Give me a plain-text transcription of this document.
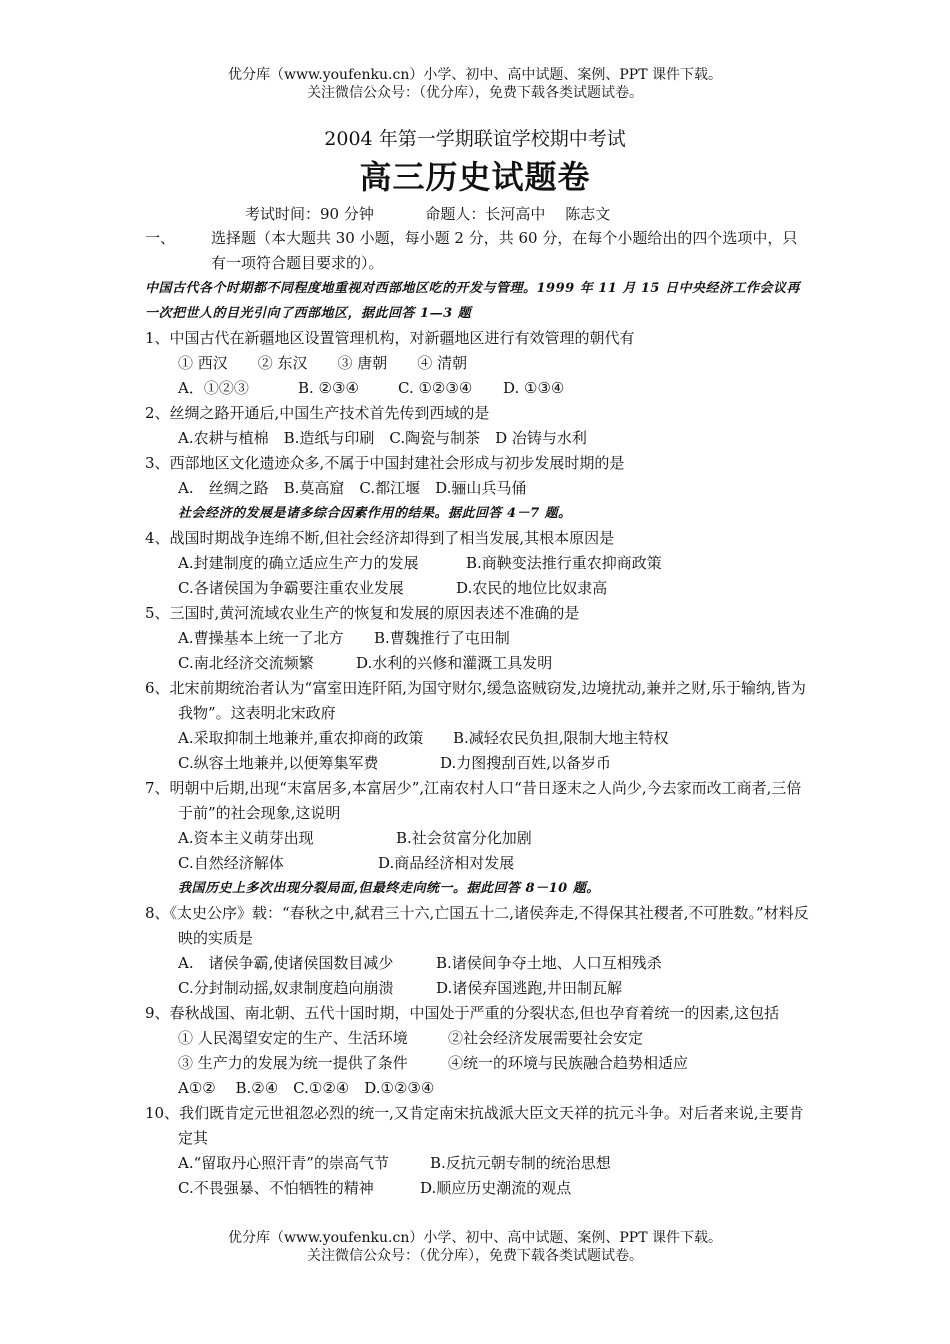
优分库（www.youfenku.cn）小学、初中、高中试题、案例、PPT 课件下载。
关注微信公众号：（优分库），免费下载各类试题试卷。
2004 年第一学期联谊学校期中考试
高三历史试题卷
考试时间：90 分钟	命题人：长河高中　 陈志文
一、 选择题（本大题共 30 小题，每小题 2 分，共 60 分，在每个小题给出的四个选项中，只有一项符合题目要求的）。
中国古代各个时期都不同程度地重视对西部地区吃的开发与管理。1999 年 11 月 15 日中央经济工作会议再一次把世人的目光引向了西部地区，据此回答 1—3 题
1、中国古代在新疆地区设置管理机构，对新疆地区进行有效管理的朝代有
① 西汉　　② 东汉　　③ 唐朝　　④ 清朝
A．①②③	B. ②③④	C. ①②③④ D. ①③④
2、丝绸之路开通后,中国生产技术首先传到西域的是
A.农耕与植棉　B.造纸与印刷　C.陶瓷与制茶　D 冶铸与水利
3、西部地区文化遗迹众多,不属于中国封建社会形成与初步发展时期的是
A.　丝绸之路　B.莫高窟　C.都江堰　D.骊山兵马俑
社会经济的发展是诸多综合因素作用的结果。据此回答 4－7 题。
4、战国时期战争连绵不断,但社会经济却得到了相当发展,其根本原因是
A.封建制度的确立适应生产力的发展	B.商鞅变法推行重农抑商政策
C.各诸侯国为争霸要注重农业发展	D.农民的地位比奴隶高
5、三国时,黄河流域农业生产的恢复和发展的原因表述不准确的是
A.曹操基本上统一了北方 B.曹魏推行了屯田制
C.南北经济交流频繁	D.水利的兴修和灌溉工具发明
6、北宋前期统治者认为“富室田连阡陌,为国守财尔,缓急盗贼窃发,边境扰动,兼并之财,乐于输纳,皆为我物”。这表明北宋政府
A.采取抑制土地兼并,重农抑商的政策 B.减轻农民负担,限制大地主特权
C.纵容土地兼并,以便筹集军费	D.力图搜刮百姓,以备岁币
7、明朝中后期,出现“末富居多,本富居少”,江南农村人口“昔日逐末之人尚少,今去家而改工商者,三倍于前”的社会现象,这说明
A.资本主义萌芽出现	B.社会贫富分化加剧
C.自然经济解体	D.商品经济相对发展
我国历史上多次出现分裂局面,但最终走向统一。据此回答 8－10 题。
8、《太史公序》载：“春秋之中,弑君三十六,亡国五十二,诸侯奔走,不得保其社稷者,不可胜数。”材料反映的实质是
A.　诸侯争霸,使诸侯国数目减少	B.诸侯间争夺土地、人口互相残杀
C.分封制动摇,奴隶制度趋向崩溃	D.诸侯弃国逃跑,井田制瓦解
9、春秋战国、南北朝、五代十国时期，中国处于严重的分裂状态,但也孕育着统一的因素,这包括
① 人民渴望安定的生产、生活环境	②社会经济发展需要社会安定
③ 生产力的发展为统一提供了条件	④统一的环境与民族融合趋势相适应
A①②　 B.②④　C.①②④　D.①②③④
10、我们既肯定元世祖忽必烈的统一,又肯定南宋抗战派大臣文天祥的抗元斗争。对后者来说,主要肯定其
A.“留取丹心照汗青”的崇高气节	B.反抗元朝专制的统治思想
C.不畏强暴、不怕牺牲的精神	D.顺应历史潮流的观点
优分库（www.youfenku.cn）小学、初中、高中试题、案例、PPT 课件下载。
关注微信公众号：（优分库），免费下载各类试题试卷。
